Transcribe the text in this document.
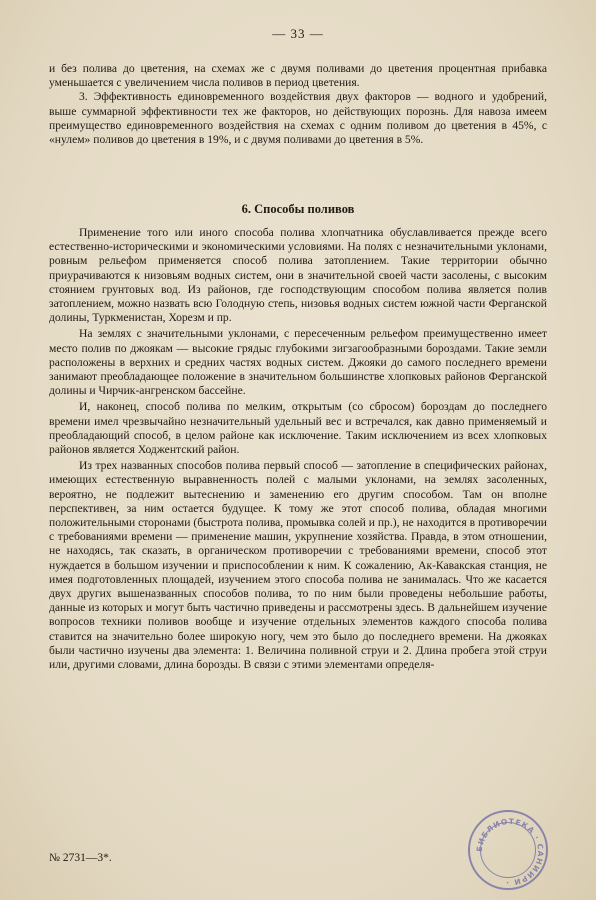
— 33 —

и без полива до цветения, на схемах же с двумя поливами до цветения процентная прибавка уменьшается с увеличением числа поливов в период цветения.

3. Эффективность единовременного воздействия двух факторов — водного и удобрений, выше суммарной эффективности тех же факторов, но действующих порознь. Для навоза имеем преимущество единовременного воздействия на схемах с одним поливом до цветения в 45%, с «нулем» поливов до цветения в 19%, и с двумя поливами до цветения в 5%.

6. Способы поливов

Применение того или иного способа полива хлопчатника обуславливается прежде всего естественно-историческими и экономическими условиями. На полях с незначительными уклонами, ровным рельефом применяется способ полива затоплением. Такие территории обычно приурачиваются к низовьям водных систем, они в значительной своей части засолены, с высоким стоянием грунтовых вод. Из районов, где господствующим способом полива является полив затоплением, можно назвать всю Голодную степь, низовья водных систем южной части Ферганской долины, Туркменистан, Хорезм и пр.

На землях с значительными уклонами, с пересеченным рельефом преимущественно имеет место полив по джоякам — высокие грядыс глубокими зигзагообразными бороздами. Такие земли расположены в верхних и средних частях водных систем. Джояки до самого последнего времени занимают преобладающее положение в значительном большинстве хлопковых районов Ферганской долины и Чирчик-ангренском бассейне.

И, наконец, способ полива по мелким, открытым (со сбросом) бороздам до последнего времени имел чрезвычайно незначительный удельный вес и встречался, как давно применяемый и преобладающий способ, в целом районе как исключение. Таким исключением из всех хлопковых районов является Ходжентский район.

Из трех названных способов полива первый способ — затопление в специфических районах, имеющих естественную выравненность полей с малыми уклонами, на землях засоленных, вероятно, не подлежит вытеснению и заменению его другим способом. Там он вполне перспективен, за ним остается будущее. К тому же этот способ полива, обладая многими положительными сторонами (быстрота полива, промывка солей и пр.), не находится в противоречии с требованиями времени — применение машин, укрупнение хозяйства. Правда, в этом отношении, не находясь, так сказать, в органическом противоречии с требованиями времени, способ этот нуждается в большом изучении и приспособлении к ним. К сожалению, Ак-Кавакская станция, не имея подготовленных площадей, изучением этого способа полива не занималась. Что же касается двух других вышеназванных способов полива, то по ним были проведены небольшие работы, данные из которых и могут быть частично приведены и рассмотрены здесь. В дальнейшем изучение вопросов техники поливов вообще и изучение отдельных элементов каждого способа полива ставится на значительно более широкую ногу, чем это было до последнего времени. На джояках были частично изучены два элемента: 1. Величина поливной струи и 2. Длина пробега этой струи или, другими словами, длина борозды. В связи с этими элементами определя-

№ 2731—3*.
БИБЛИОТЕКА · САНИИРИ ·
